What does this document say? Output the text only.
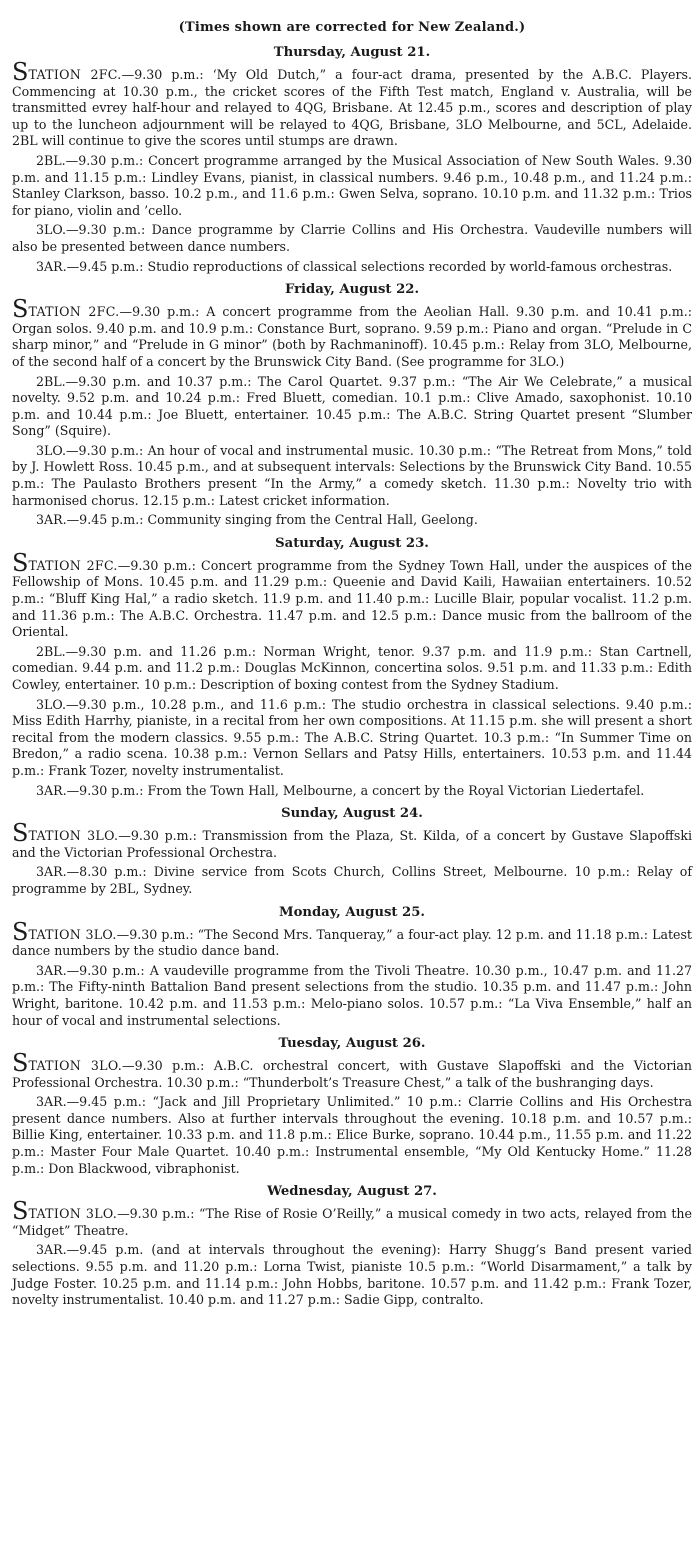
(Times shown are corrected for New Zealand.)
Thursday, August 21.

STATION 2FC.—9.30 p.m.: ‘My Old Dutch,” a four-act drama, presented by the A.B.C. Players. Commencing at 10.30 p.m., the cricket scores of the Fifth Test match, England v. Australia, will be transmitted evrey half-hour and relayed to 4QG, Brisbane. At 12.45 p.m., scores and description of play up to the luncheon adjournment will be relayed to 4QG, Brisbane, 3LO Melbourne, and 5CL, Adelaide. 2BL will continue to give the scores until stumps are drawn.

2BL.—9.30 p.m.: Concert programme arranged by the Musical Association of New South Wales. 9.30 p.m. and 11.15 p.m.: Lindley Evans, pianist, in classical numbers. 9.46 p.m., 10.48 p.m., and 11.24 p.m.: Stanley Clarkson, basso. 10.2 p.m., and 11.6 p.m.: Gwen Selva, soprano. 10.10 p.m. and 11.32 p.m.: Trios for piano, violin and ’cello.

3LO.—9.30 p.m.: Dance programme by Clarrie Collins and His Orchestra. Vaudeville numbers will also be presented between dance numbers.

3AR.—9.45 p.m.: Studio reproductions of classical selections recorded by world-famous orchestras.

Friday, August 22.

STATION 2FC.—9.30 p.m.: A concert programme from the Aeolian Hall. 9.30 p.m. and 10.41 p.m.: Organ solos. 9.40 p.m. and 10.9 p.m.: Constance Burt, soprano. 9.59 p.m.: Piano and organ. “Prelude in C sharp minor,” and “Prelude in G minor” (both by Rachmaninoff). 10.45 p.m.: Relay from 3LO, Melbourne, of the second half of a concert by the Brunswick City Band. (See programme for 3LO.)

2BL.—9.30 p.m. and 10.37 p.m.: The Carol Quartet. 9.37 p.m.: “The Air We Celebrate,” a musical novelty. 9.52 p.m. and 10.24 p.m.: Fred Bluett, comedian. 10.1 p.m.: Clive Amado, saxophonist. 10.10 p.m. and 10.44 p.m.: Joe Bluett, entertainer. 10.45 p.m.: The A.B.C. String Quartet present “Slumber Song” (Squire).

3LO.—9.30 p.m.: An hour of vocal and instrumental music. 10.30 p.m.: “The Retreat from Mons,” told by J. Howlett Ross. 10.45 p.m., and at subsequent intervals: Selections by the Brunswick City Band. 10.55 p.m.: The Paulasto Brothers present “In the Army,” a comedy sketch. 11.30 p.m.: Novelty trio with harmonised chorus. 12.15 p.m.: Latest cricket information.

3AR.—9.45 p.m.: Community singing from the Central Hall, Geelong.

Saturday, August 23.

STATION 2FC.—9.30 p.m.: Concert programme from the Sydney Town Hall, under the auspices of the Fellowship of Mons. 10.45 p.m. and 11.29 p.m.: Queenie and David Kaili, Hawaiian entertainers. 10.52 p.m.: “Bluff King Hal,” a radio sketch. 11.9 p.m. and 11.40 p.m.: Lucille Blair, popular vocalist. 11.2 p.m. and 11.36 p.m.: The A.B.C. Orchestra. 11.47 p.m. and 12.5 p.m.: Dance music from the ballroom of the Oriental.

2BL.—9.30 p.m. and 11.26 p.m.: Norman Wright, tenor. 9.37 p.m. and 11.9 p.m.: Stan Cartnell, comedian. 9.44 p.m. and 11.2 p.m.: Douglas McKinnon, concertina solos. 9.51 p.m. and 11.33 p.m.: Edith Cowley, entertainer. 10 p.m.: Description of boxing contest from the Sydney Stadium.

3LO.—9.30 p.m., 10.28 p.m., and 11.6 p.m.: The studio orchestra in classical selections. 9.40 p.m.: Miss Edith Harrhy, pianiste, in a recital from her own compositions. At 11.15 p.m. she will present a short recital from the modern classics. 9.55 p.m.: The A.B.C. String Quartet. 10.3 p.m.: “In Summer Time on Bredon,” a radio scena. 10.38 p.m.: Vernon Sellars and Patsy Hills, entertainers. 10.53 p.m. and 11.44 p.m.: Frank Tozer, novelty instrumentalist.

3AR.—9.30 p.m.: From the Town Hall, Melbourne, a concert by the Royal Victorian Liedertafel.

Sunday, August 24.

STATION 3LO.—9.30 p.m.: Transmission from the Plaza, St. Kilda, of a concert by Gustave Slapoffski and the Victorian Professional Orchestra.

3AR.—8.30 p.m.: Divine service from Scots Church, Collins Street, Melbourne. 10 p.m.: Relay of programme by 2BL, Sydney.

Monday, August 25.

STATION 3LO.—9.30 p.m.: “The Second Mrs. Tanqueray,” a four-act play. 12 p.m. and 11.18 p.m.: Latest dance numbers by the studio dance band.

3AR.—9.30 p.m.: A vaudeville programme from the Tivoli Theatre. 10.30 p.m., 10.47 p.m. and 11.27 p.m.: The Fifty-ninth Battalion Band present selections from the studio. 10.35 p.m. and 11.47 p.m.: John Wright, baritone. 10.42 p.m. and 11.53 p.m.: Melo-piano solos. 10.57 p.m.: “La Viva Ensemble,” half an hour of vocal and instrumental selections.

Tuesday, August 26.

STATION 3LO.—9.30 p.m.: A.B.C. orchestral concert, with Gustave Slapoffski and the Victorian Professional Orchestra. 10.30 p.m.: “Thunderbolt’s Treasure Chest,” a talk of the bushranging days.

3AR.—9.45 p.m.: “Jack and Jill Proprietary Unlimited.” 10 p.m.: Clarrie Collins and His Orchestra present dance numbers. Also at further intervals throughout the evening. 10.18 p.m. and 10.57 p.m.: Billie King, entertainer. 10.33 p.m. and 11.8 p.m.: Elice Burke, soprano. 10.44 p.m., 11.55 p.m. and 11.22 p.m.: Master Four Male Quartet. 10.40 p.m.: Instrumental ensemble, “My Old Kentucky Home.” 11.28 p.m.: Don Blackwood, vibraphonist.

Wednesday, August 27.

STATION 3LO.—9.30 p.m.: “The Rise of Rosie O’Reilly,” a musical comedy in two acts, relayed from the “Midget” Theatre.

3AR.—9.45 p.m. (and at intervals throughout the evening): Harry Shugg’s Band present varied selections. 9.55 p.m. and 11.20 p.m.: Lorna Twist, pianiste 10.5 p.m.: “World Disarmament,” a talk by Judge Foster. 10.25 p.m. and 11.14 p.m.: John Hobbs, baritone. 10.57 p.m. and 11.42 p.m.: Frank Tozer, novelty instrumentalist. 10.40 p.m. and 11.27 p.m.: Sadie Gipp, contralto.
